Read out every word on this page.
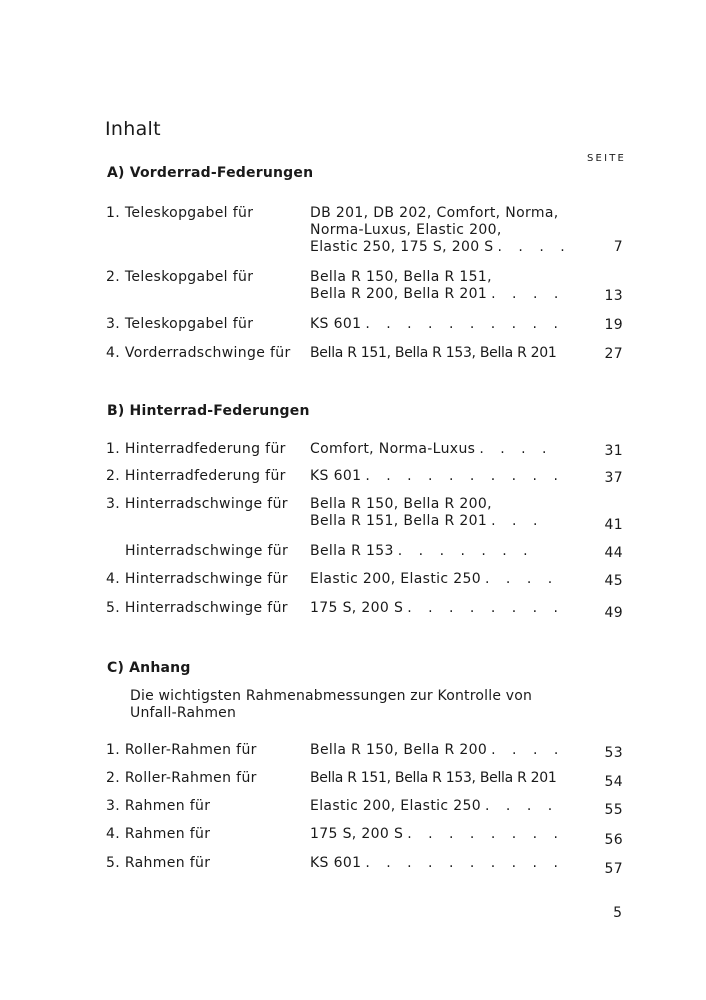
Inhalt
SEITE
A) Vorderrad-Federungen
1. Teleskopgabel für	DB 201, DB 202, Comfort, Norma,
Norma-Luxus, Elastic 200,
Elastic 250, 175 S, 200 S . . . .	7
2. Teleskopgabel für	Bella R 150, Bella R 151,
Bella R 200, Bella R 201 . . . .	13
3. Teleskopgabel für	KS 601 . . . . . . . . . .	19
4. Vorderradschwinge für Bella R 151, Bella R 153, Bella R 201	27
B) Hinterrad-Federungen
1. Hinterradfederung für Comfort, Norma-Luxus . . . .	31
2. Hinterradfederung für KS 601 . . . . . . . . . .	37
3. Hinterradschwinge für Bella R 150, Bella R 200,
Bella R 151, Bella R 201 . . .	41
Hinterradschwinge für Bella R 153 . . . . . . .	44
4. Hinterradschwinge für Elastic 200, Elastic 250 . . . .	45
5. Hinterradschwinge für 175 S, 200 S . . . . . . . .	49
C) Anhang
Die wichtigsten Rahmenabmessungen zur Kontrolle von Unfall-Rahmen
1. Roller-Rahmen für	Bella R 150, Bella R 200 . . . .	53
2. Roller-Rahmen für	Bella R 151, Bella R 153, Bella R 201	54
3. Rahmen für	Elastic 200, Elastic 250 . . . .	55
4. Rahmen für	175 S, 200 S . . . . . . . .	56
5. Rahmen für	KS 601 . . . . . . . . . .	57
5
